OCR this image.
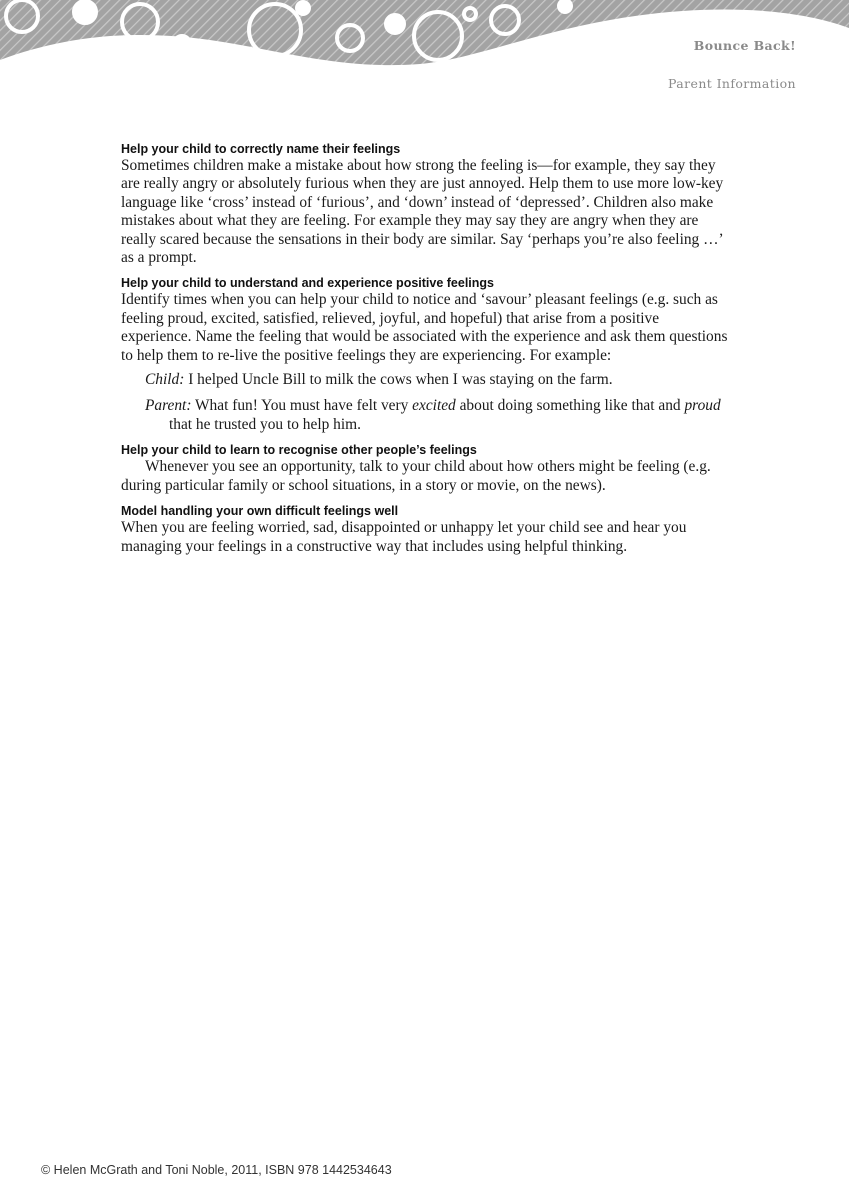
Bounce Back!
Parent Information
Help your child to correctly name their feelings

Sometimes children make a mistake about how strong the feeling is—for example, they say they are really angry or absolutely furious when they are just annoyed. Help them to use more low-key language like ‘cross’ instead of ‘furious’, and ‘down’ instead of ‘depressed’. Children also make mistakes about what they are feeling. For example they may say they are angry when they are really scared because the sensations in their body are similar. Say ‘perhaps you’re also feeling …’ as a prompt.

Help your child to understand and experience positive feelings

Identify times when you can help your child to notice and ‘savour’ pleasant feelings (e.g. such as feeling proud, excited, satisfied, relieved, joyful, and hopeful) that arise from a positive experience. Name the feeling that would be associated with the experience and ask them questions to help them to re-live the positive feelings they are experiencing. For example:

Child: I helped Uncle Bill to milk the cows when I was staying on the farm.

Parent: What fun! You must have felt very excited about doing something like that and proud that he trusted you to help him.

Help your child to learn to recognise other people’s feelings

Whenever you see an opportunity, talk to your child about how others might be feeling (e.g. during particular family or school situations, in a story or movie, on the news).

Model handling your own difficult feelings well

When you are feeling worried, sad, disappointed or unhappy let your child see and hear you managing your feelings in a constructive way that includes using helpful thinking.

© Helen McGrath and Toni Noble, 2011, ISBN 978 1442534643
